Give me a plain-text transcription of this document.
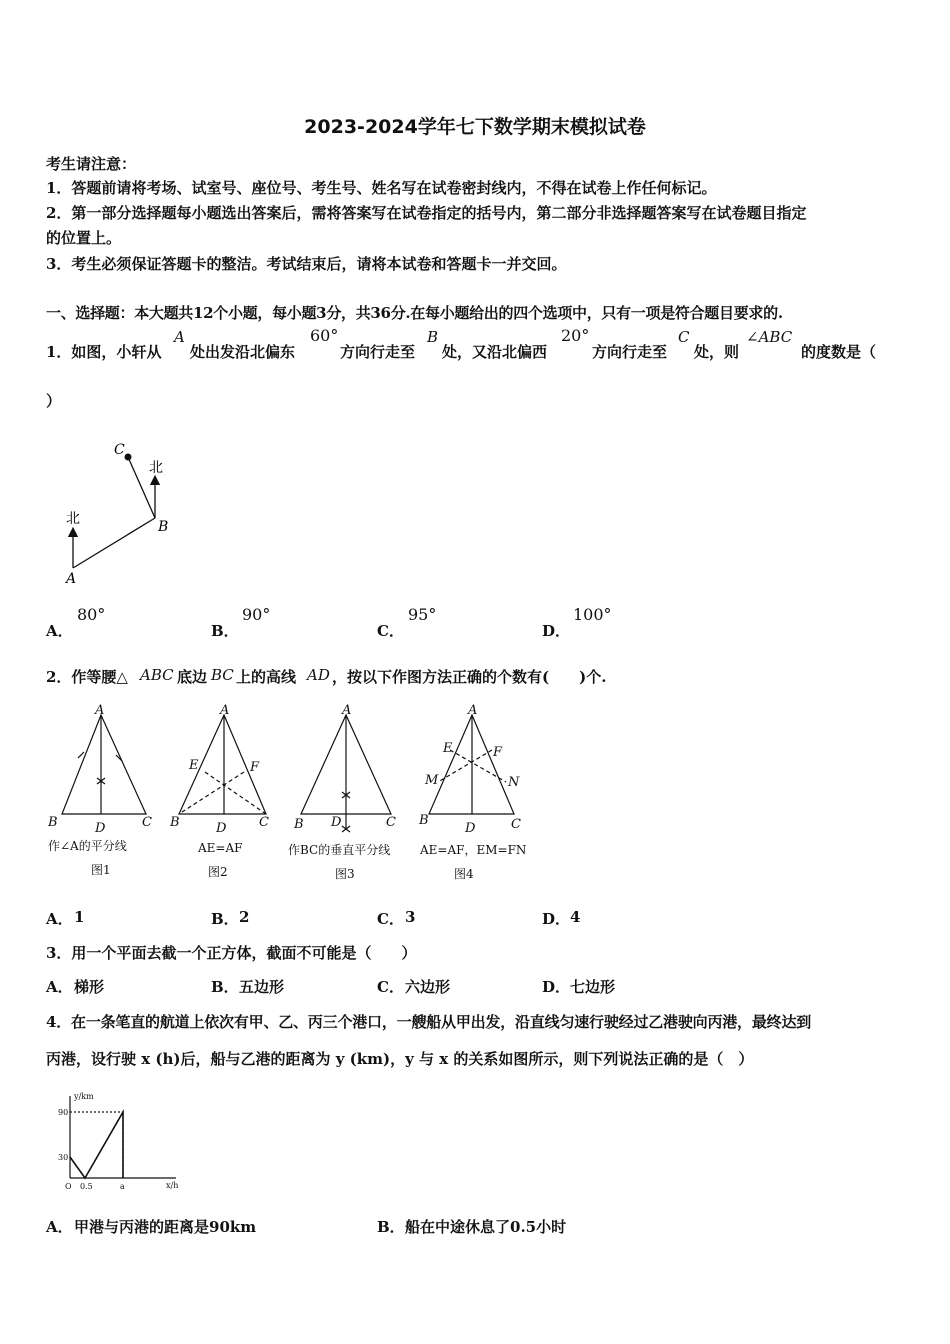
2023-2024学年七下数学期末模拟试卷
考生请注意：
1．答题前请将考场、试室号、座位号、考生号、姓名写在试卷密封线内，不得在试卷上作任何标记。
2．第一部分选择题每小题选出答案后，需将答案写在试卷指定的括号内，第二部分非选择题答案写在试卷题目指定
的位置上。
3．考生必须保证答题卡的整洁。考试结束后，请将本试卷和答题卡一并交回。
一、选择题：本大题共12个小题，每小题3分，共36分.在每小题给出的四个选项中，只有一项是符合题目要求的.
1．如图，小轩从
A
处出发沿北偏东
60°
方向行走至
B
处，又沿北偏西
20°
方向行走至
C
处，则
∠ABC
的度数是（
）
北
北
A
B
C
A．
80°
B．
90°
C．
95°
D．
100°
2．作等腰△ ABC 底边 BC 上的高线 AD ，按以下作图方法正确的个数有(　　)个.
A
B	C
D
A
B	C
D
E	F
A
B	C
D
A
B	C
D
E	F
M	N
作∠A的平分线
图1
AE=AF
图2
作BC的垂直平分线
图3
AE=AF，EM=FN
图4
A． 1	B． 2	C． 3	D． 4
3．用一个平面去截一个正方体，截面不可能是（　　）
A． 梯形	B． 五边形	C． 六边形	D． 七边形
4．在一条笔直的航道上依次有甲、乙、丙三个港口，一艘船从甲出发，沿直线匀速行驶经过乙港驶向丙港，最终达到
丙港，设行驶 x (h)后，船与乙港的距离为 y (km)，y 与 x 的关系如图所示，则下列说法正确的是（　）
y/km
x/h
90
30
O 0.5	a
A． 甲港与丙港的距离是90km	B． 船在中途休息了0.5小时
